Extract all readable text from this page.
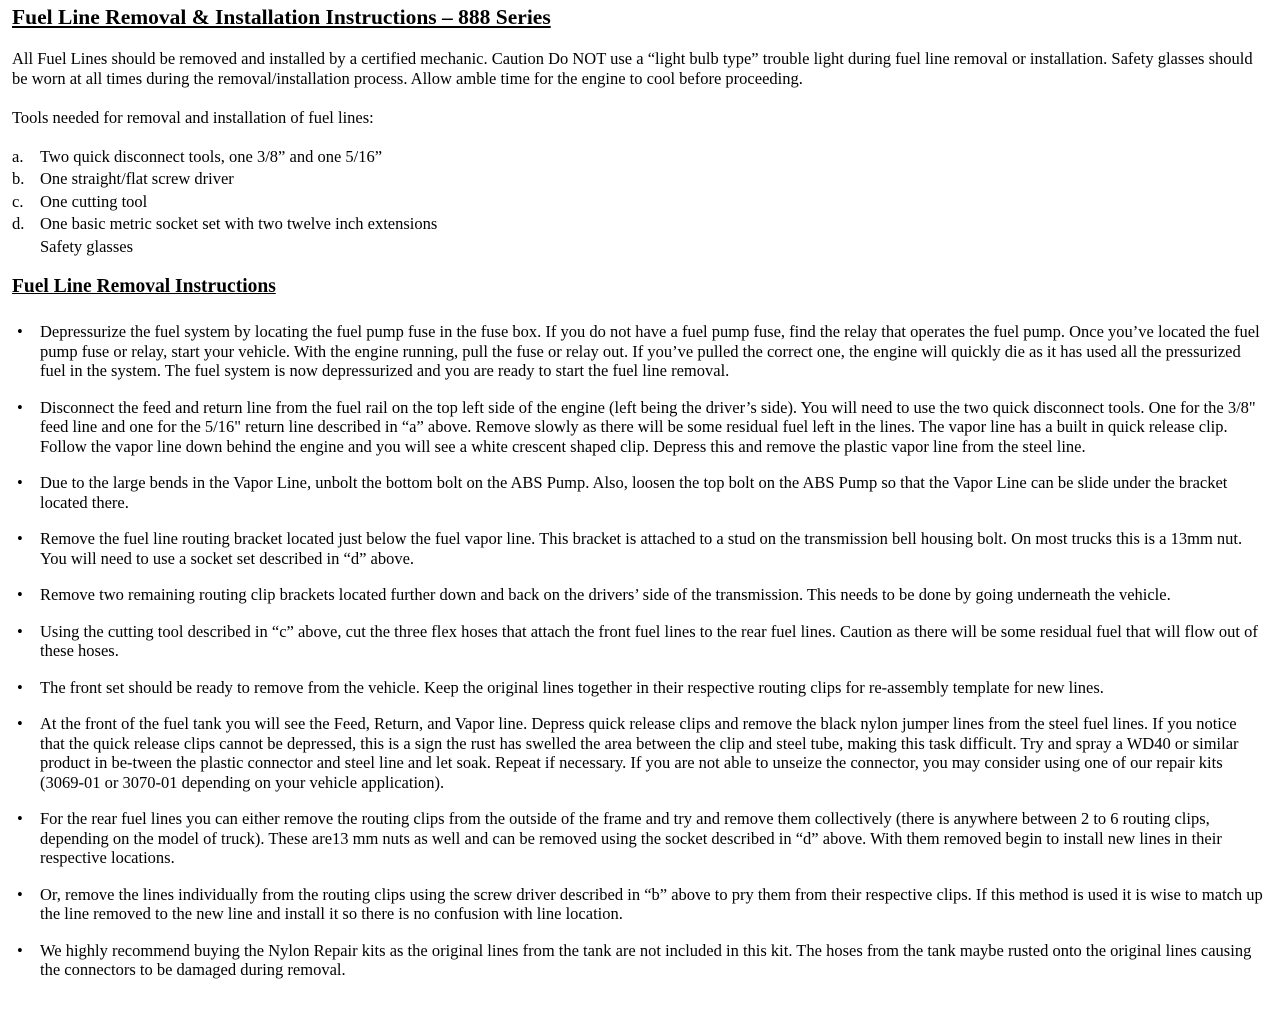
Fuel Line Removal & Installation Instructions – 888 Series

All Fuel Lines should be removed and installed by a certified mechanic. Caution Do NOT use a “light bulb type” trouble light during fuel line removal or installation. Safety glasses should be worn at all times during the removal/installation process. Allow amble time for the engine to cool before proceeding.

Tools needed for removal and installation of fuel lines:

a.	Two quick disconnect tools, one 3/8” and one 5/16”
b. One straight/flat screw driver
c.	One cutting tool
d. One basic metric socket set with two twelve inch extensions
Safety glasses
Fuel Line Removal Instructions
•	Depressurize the fuel system by locating the fuel pump fuse in the fuse box. If you do not have a fuel pump fuse, find the relay that operates the fuel pump. Once you’ve located the fuel pump fuse or relay, start your vehicle. With the engine running, pull the fuse or relay out. If you’ve pulled the correct one, the engine will quickly die as it has used all the pressurized fuel in the system. The fuel system is now depressurized and you are ready to start the fuel line removal.
•	Disconnect the feed and return line from the fuel rail on the top left side of the engine (left being the driver’s side). You will need to use the two quick disconnect tools. One for the 3/8" feed line and one for the 5/16" return line described in “a” above. Remove slowly as there will be some residual fuel left in the lines. The vapor line has a built in quick release clip. Follow the vapor line down behind the engine and you will see a white crescent shaped clip. Depress this and remove the plastic vapor line from the steel line.
•	Due to the large bends in the Vapor Line, unbolt the bottom bolt on the ABS Pump. Also, loosen the top bolt on the ABS Pump so that the Vapor Line can be slide under the bracket located there.
•	Remove the fuel line routing bracket located just below the fuel vapor line. This bracket is attached to a stud on the transmission bell housing bolt. On most trucks this is a 13mm nut. You will need to use a socket set described in “d” above.
•	Remove two remaining routing clip brackets located further down and back on the drivers’ side of the transmission. This needs to be done by going underneath the vehicle.
•	Using the cutting tool described in “c” above, cut the three flex hoses that attach the front fuel lines to the rear fuel lines. Caution as there will be some residual fuel that will flow out of these hoses.
•	The front set should be ready to remove from the vehicle. Keep the original lines together in their respective routing clips for re-assembly template for new lines.
•	At the front of the fuel tank you will see the Feed, Return, and Vapor line. Depress quick release clips and remove the black nylon jumper lines from the steel fuel lines. If you notice that the quick release clips cannot be depressed, this is a sign the rust has swelled the area between the clip and steel tube, making this task difficult. Try and spray a WD40 or similar product in be-tween the plastic connector and steel line and let soak. Repeat if necessary. If you are not able to unseize the connector, you may consider using one of our repair kits (3069-01 or 3070-01 depending on your vehicle application).
•	For the rear fuel lines you can either remove the routing clips from the outside of the frame and try and remove them collectively (there is anywhere between 2 to 6 routing clips, depending on the model of truck). These are13 mm nuts as well and can be removed using the socket described in “d” above. With them removed begin to install new lines in their respective locations.
•	Or, remove the lines individually from the routing clips using the screw driver described in “b” above to pry them from their respective clips. If this method is used it is wise to match up the line removed to the new line and install it so there is no confusion with line location.
•	We highly recommend buying the Nylon Repair kits as the original lines from the tank are not included in this kit. The hoses from the tank maybe rusted onto the original lines causing the connectors to be damaged during removal.
